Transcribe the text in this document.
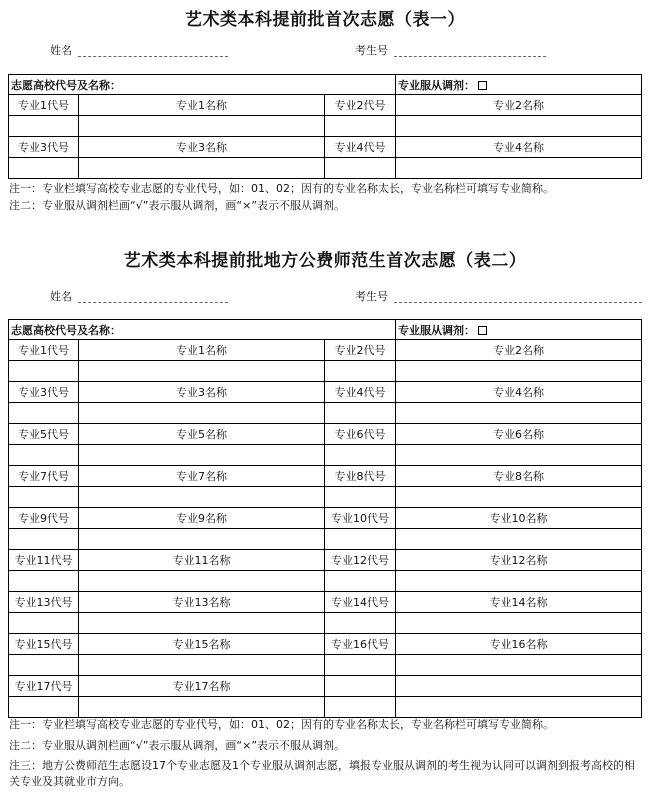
艺术类本科提前批首次志愿（表一）
姓名	考生号
志愿高校代号及名称：			专业服从调剂：
专业1代号	专业1名称	专业2代号	专业2名称

专业3代号	专业3名称	专业4代号	专业4名称

注一：专业栏填写高校专业志愿的专业代号，如：01、02；因有的专业名称太长，专业名称栏可填写专业简称。
注二：专业服从调剂栏画“√”表示服从调剂，画“×”表示不服从调剂。
艺术类本科提前批地方公费师范生首次志愿（表二）
姓名	考生号
志愿高校代号及名称：			专业服从调剂：
专业1代号	专业1名称	专业2代号	专业2名称

专业3代号	专业3名称	专业4代号	专业4名称

专业5代号	专业5名称	专业6代号	专业6名称

专业7代号	专业7名称	专业8代号	专业8名称

专业9代号	专业9名称	专业10代号	专业10名称

专业11代号	专业11名称	专业12代号	专业12名称

专业13代号	专业13名称	专业14代号	专业14名称

专业15代号	专业15名称	专业16代号	专业16名称

专业17代号	专业17名称		

注一：专业栏填写高校专业志愿的专业代号，如：01、02；因有的专业名称太长，专业名称栏可填写专业简称。
注二：专业服从调剂栏画“√”表示服从调剂，画“×”表示不服从调剂。
注三：地方公费师范生志愿设17个专业志愿及1个专业服从调剂志愿，填报专业服从调剂的考生视为认同可以调剂到报考高校的相关专业及其就业市方向。
